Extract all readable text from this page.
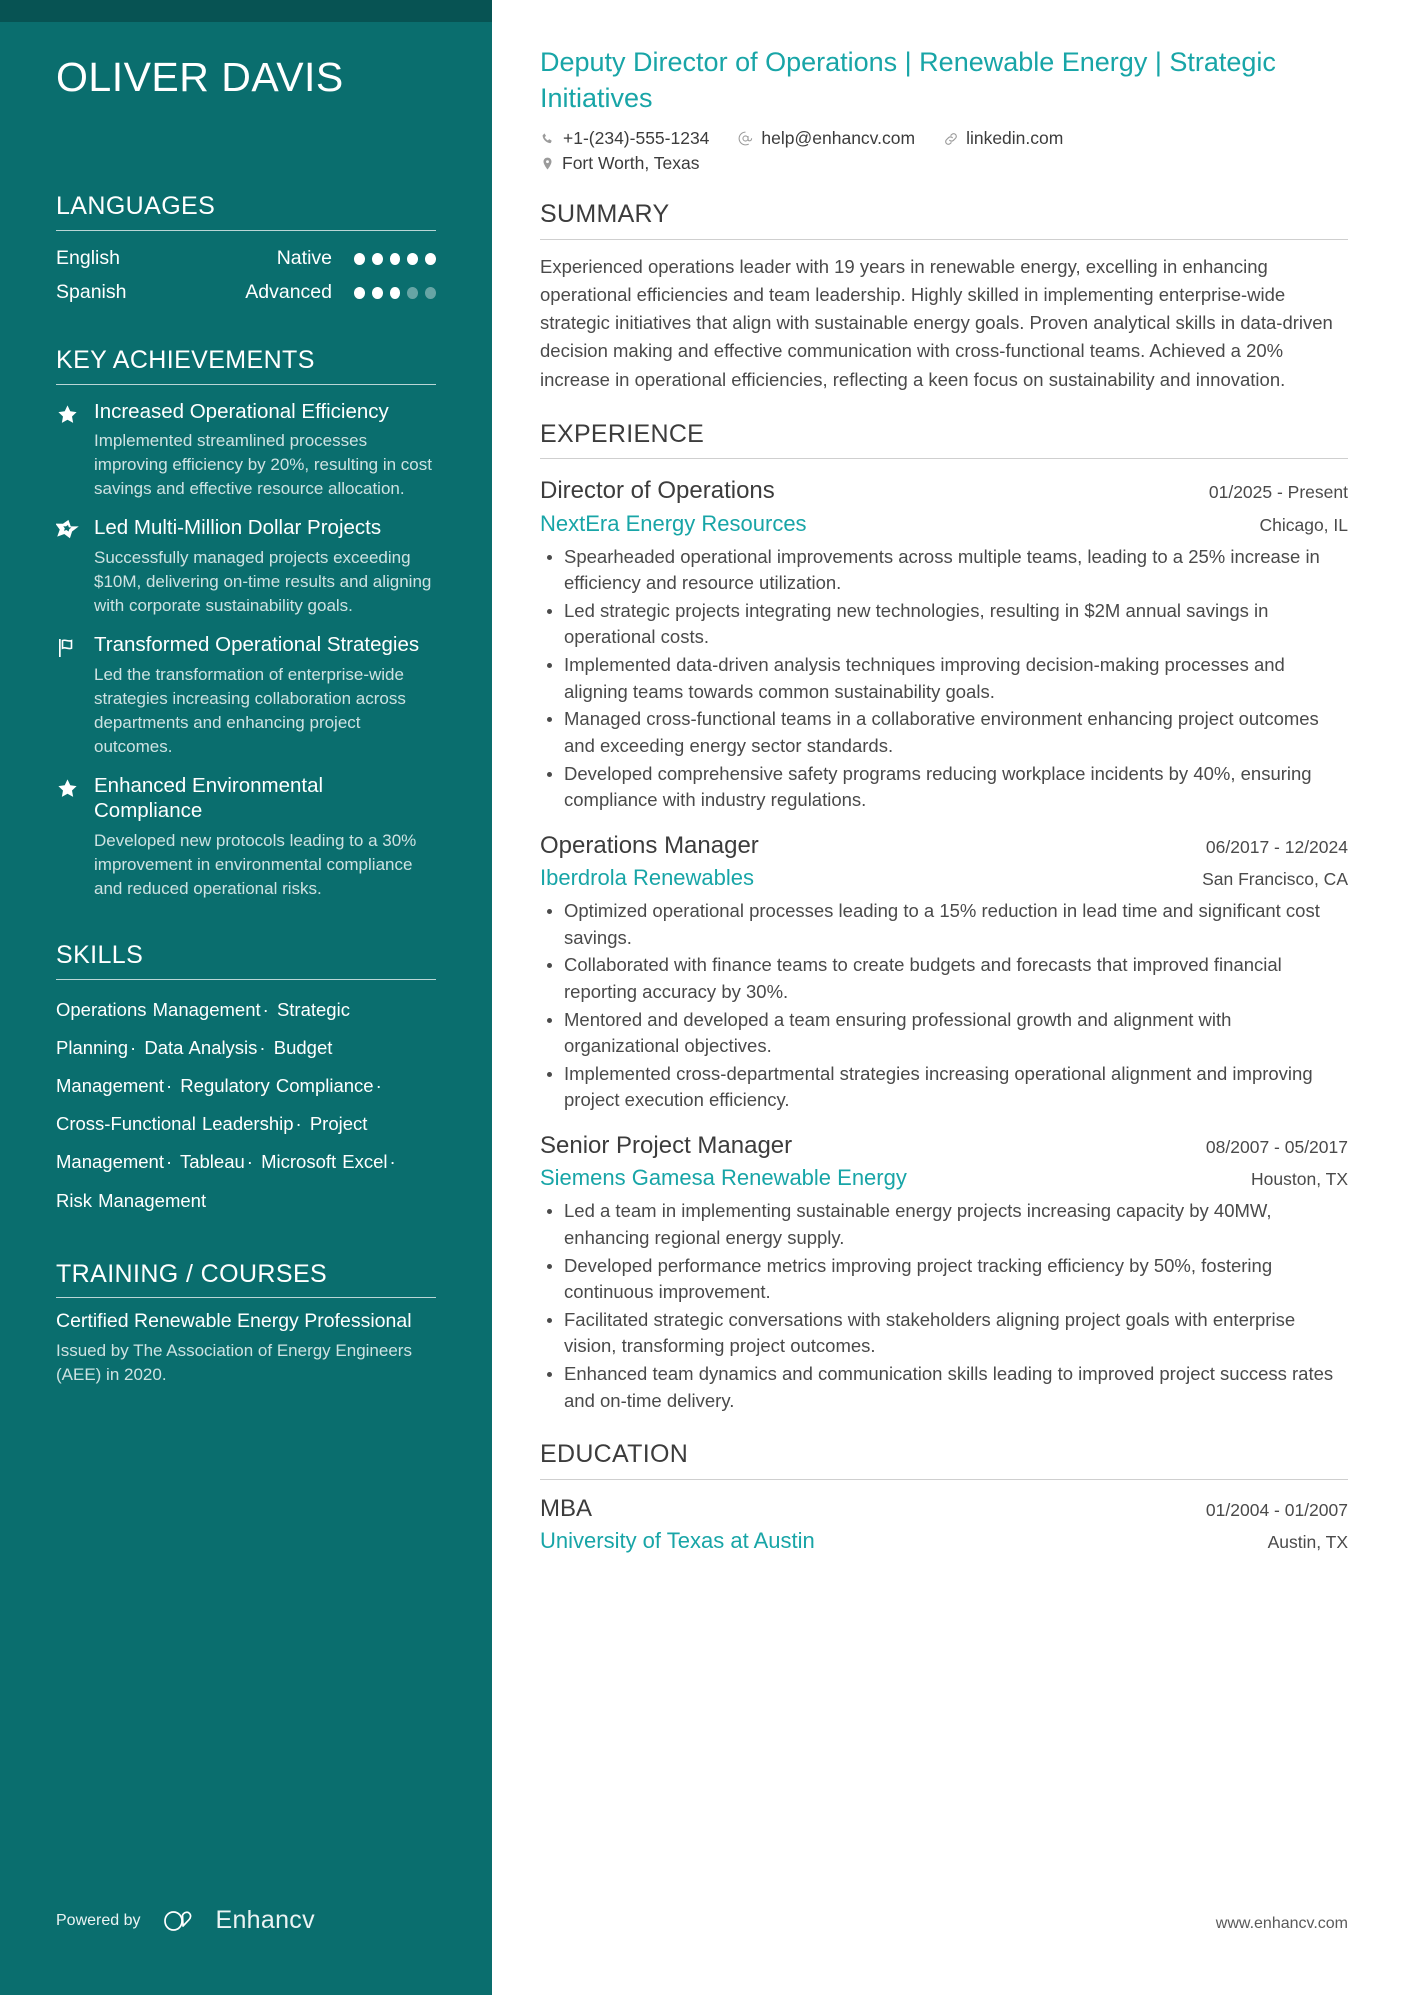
OLIVER DAVIS
LANGUAGES
English	Native
Spanish	Advanced
KEY ACHIEVEMENTS
Increased Operational Efficiency
Implemented streamlined processes improving efficiency by 20%, resulting in cost savings and effective resource allocation.
Led Multi-Million Dollar Projects
Successfully managed projects exceeding $10M, delivering on-time results and aligning with corporate sustainability goals.
Transformed Operational Strategies
Led the transformation of enterprise-wide strategies increasing collaboration across departments and enhancing project outcomes.
Enhanced Environmental Compliance
Developed new protocols leading to a 30% improvement in environmental compliance and reduced operational risks.
SKILLS
Operations Management · Strategic Planning · Data Analysis · Budget Management · Regulatory Compliance · Cross-Functional Leadership · Project Management · Tableau · Microsoft Excel · Risk Management
TRAINING / COURSES
Certified Renewable Energy Professional
Issued by The Association of Energy Engineers (AEE) in 2020.
Powered by	Enhancv
Deputy Director of Operations | Renewable Energy | Strategic Initiatives
+1-(234)-555-1234	help@enhancv.com	linkedin.com
Fort Worth, Texas
SUMMARY

Experienced operations leader with 19 years in renewable energy, excelling in enhancing operational efficiencies and team leadership. Highly skilled in implementing enterprise-wide strategic initiatives that align with sustainable energy goals. Proven analytical skills in data-driven decision making and effective communication with cross-functional teams. Achieved a 20% increase in operational efficiencies, reflecting a keen focus on sustainability and innovation.

EXPERIENCE
Director of Operations	01/2025 - Present
NextEra Energy Resources	Chicago, IL
Spearheaded operational improvements across multiple teams, leading to a 25% increase in efficiency and resource utilization.
Led strategic projects integrating new technologies, resulting in $2M annual savings in operational costs.
Implemented data-driven analysis techniques improving decision-making processes and aligning teams towards common sustainability goals.
Managed cross-functional teams in a collaborative environment enhancing project outcomes and exceeding energy sector standards.
Developed comprehensive safety programs reducing workplace incidents by 40%, ensuring compliance with industry regulations.
Operations Manager	06/2017 - 12/2024
Iberdrola Renewables	San Francisco, CA
Optimized operational processes leading to a 15% reduction in lead time and significant cost savings.
Collaborated with finance teams to create budgets and forecasts that improved financial reporting accuracy by 30%.
Mentored and developed a team ensuring professional growth and alignment with organizational objectives.
Implemented cross-departmental strategies increasing operational alignment and improving project execution efficiency.
Senior Project Manager	08/2007 - 05/2017
Siemens Gamesa Renewable Energy	Houston, TX
Led a team in implementing sustainable energy projects increasing capacity by 40MW, enhancing regional energy supply.
Developed performance metrics improving project tracking efficiency by 50%, fostering continuous improvement.
Facilitated strategic conversations with stakeholders aligning project goals with enterprise vision, transforming project outcomes.
Enhanced team dynamics and communication skills leading to improved project success rates and on-time delivery.
EDUCATION
MBA	01/2004 - 01/2007
University of Texas at Austin	Austin, TX
www.enhancv.com
